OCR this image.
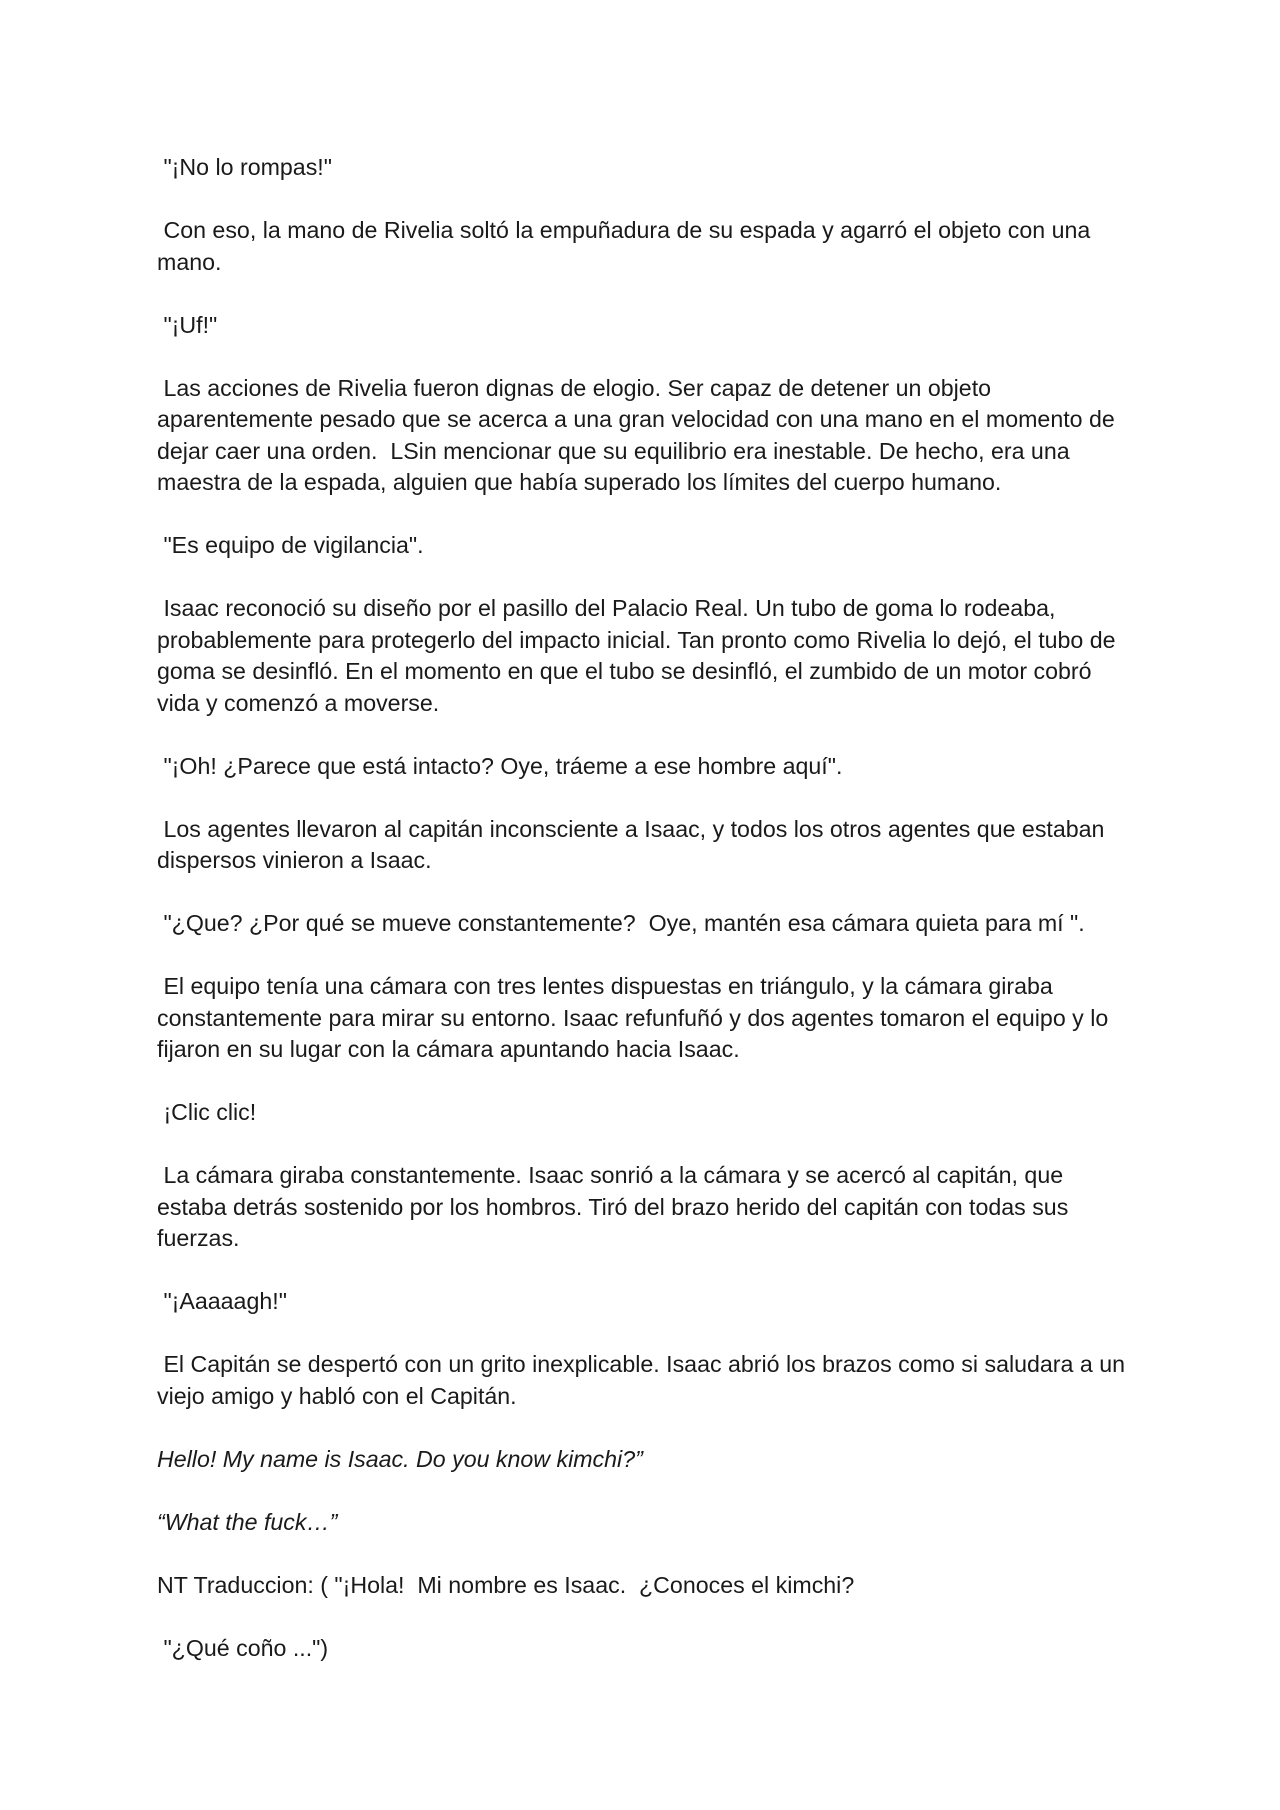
"¡No lo rompas!"

Con eso, la mano de Rivelia soltó la empuñadura de su espada y agarró el objeto con una mano.

"¡Uf!"

Las acciones de Rivelia fueron dignas de elogio. Ser capaz de detener un objeto aparentemente pesado que se acerca a una gran velocidad con una mano en el momento de dejar caer una orden.  LSin mencionar que su equilibrio era inestable. De hecho, era una maestra de la espada, alguien que había superado los límites del cuerpo humano.

"Es equipo de vigilancia".

Isaac reconoció su diseño por el pasillo del Palacio Real. Un tubo de goma lo rodeaba, probablemente para protegerlo del impacto inicial. Tan pronto como Rivelia lo dejó, el tubo de goma se desinfló. En el momento en que el tubo se desinfló, el zumbido de un motor cobró vida y comenzó a moverse.

"¡Oh! ¿Parece que está intacto? Oye, tráeme a ese hombre aquí".

Los agentes llevaron al capitán inconsciente a Isaac, y todos los otros agentes que estaban dispersos vinieron a Isaac.

"¿Que? ¿Por qué se mueve constantemente?  Oye, mantén esa cámara quieta para mí ".

El equipo tenía una cámara con tres lentes dispuestas en triángulo, y la cámara giraba constantemente para mirar su entorno. Isaac refunfuñó y dos agentes tomaron el equipo y lo fijaron en su lugar con la cámara apuntando hacia Isaac.

¡Clic clic!

La cámara giraba constantemente. Isaac sonrió a la cámara y se acercó al capitán, que estaba detrás sostenido por los hombros. Tiró del brazo herido del capitán con todas sus fuerzas.

"¡Aaaaagh!"

El Capitán se despertó con un grito inexplicable. Isaac abrió los brazos como si saludara a un viejo amigo y habló con el Capitán.

Hello! My name is Isaac. Do you know kimchi?”

“What the fuck…”

NT Traduccion: ( "¡Hola!  Mi nombre es Isaac.  ¿Conoces el kimchi?

"¿Qué coño ...")
